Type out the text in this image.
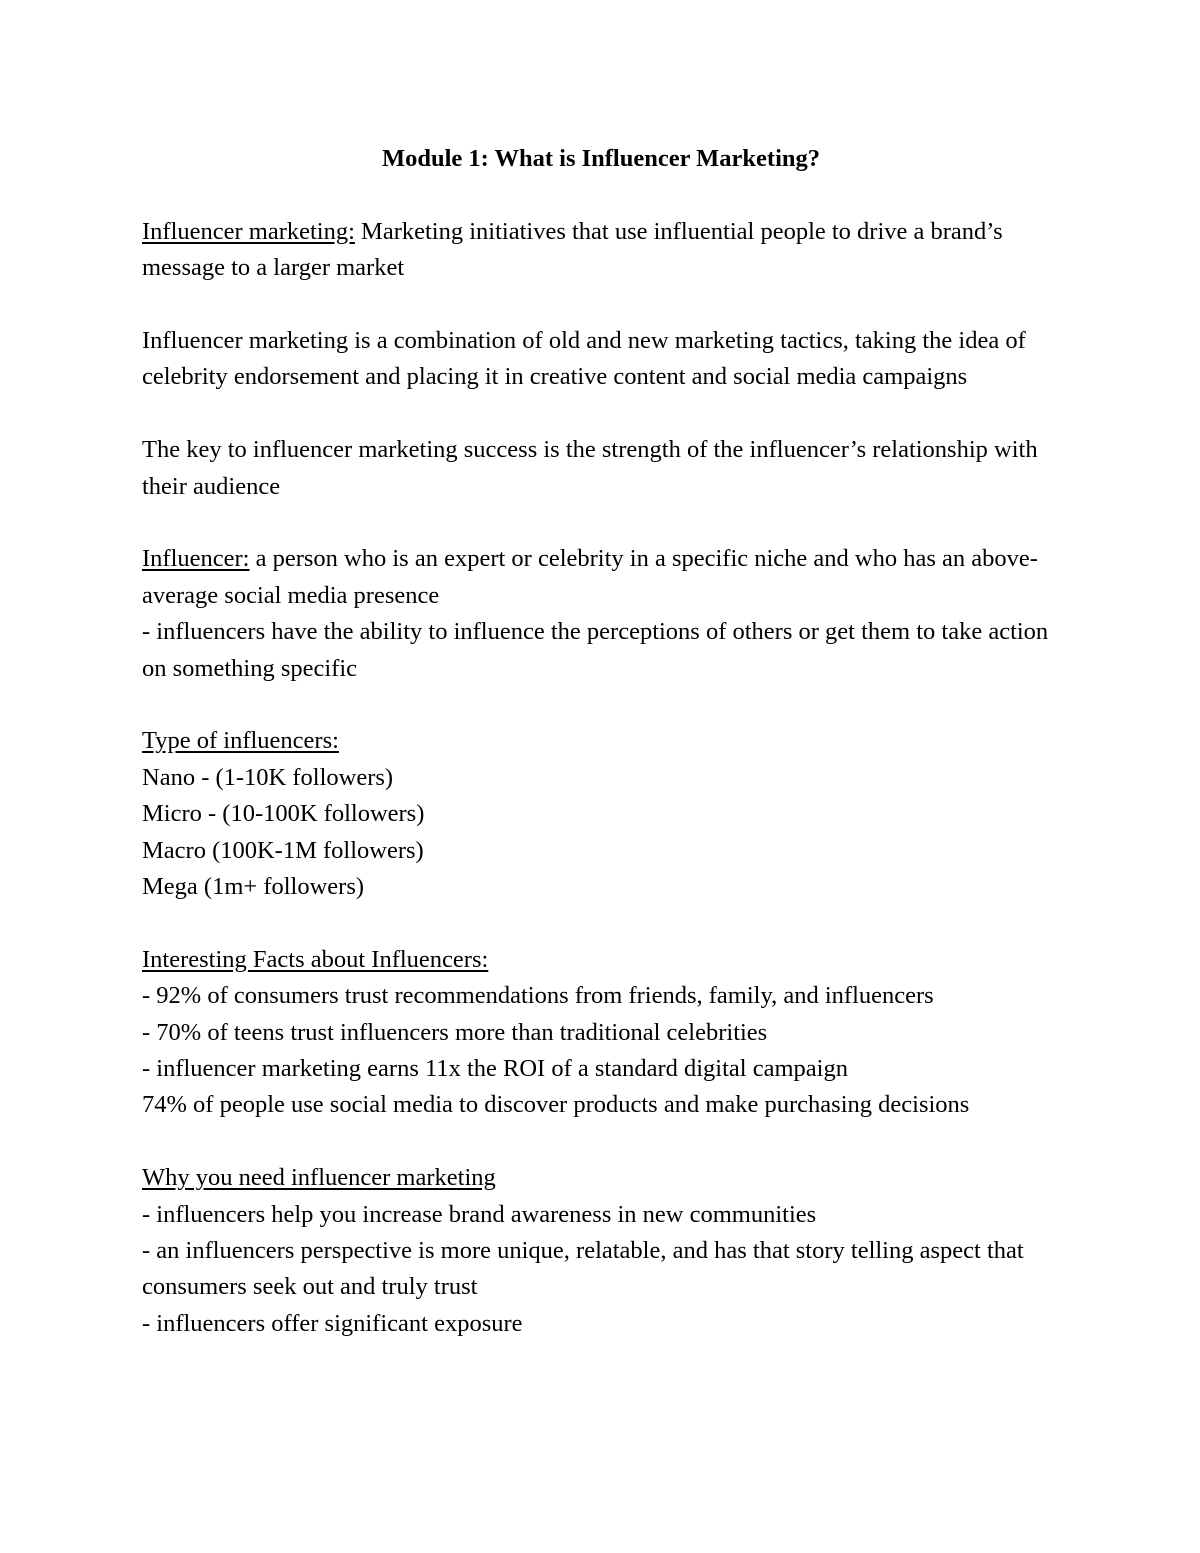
Module 1: What is Influencer Marketing?
Influencer marketing: Marketing initiatives that use influential people to drive a brand’s message to a larger market
Influencer marketing is a combination of old and new marketing tactics, taking the idea of celebrity endorsement and placing it in creative content and social media campaigns
The key to influencer marketing success is the strength of the influencer’s relationship with their audience
Influencer: a person who is an expert or celebrity in a specific niche and who has an above-average social media presence
- influencers have the ability to influence the perceptions of others or get them to take action on something specific
Type of influencers:
Nano - (1-10K followers)
Micro - (10-100K followers)
Macro (100K-1M followers)
Mega (1m+ followers)
Interesting Facts about Influencers:
- 92% of consumers trust recommendations from friends, family, and influencers
- 70% of teens trust influencers more than traditional celebrities
- influencer marketing earns 11x the ROI of a standard digital campaign
74% of people use social media to discover products and make purchasing decisions
Why you need influencer marketing
- influencers help you increase brand awareness in new communities
- an influencers perspective is more unique, relatable, and has that story telling aspect that consumers seek out and truly trust
- influencers offer significant exposure
